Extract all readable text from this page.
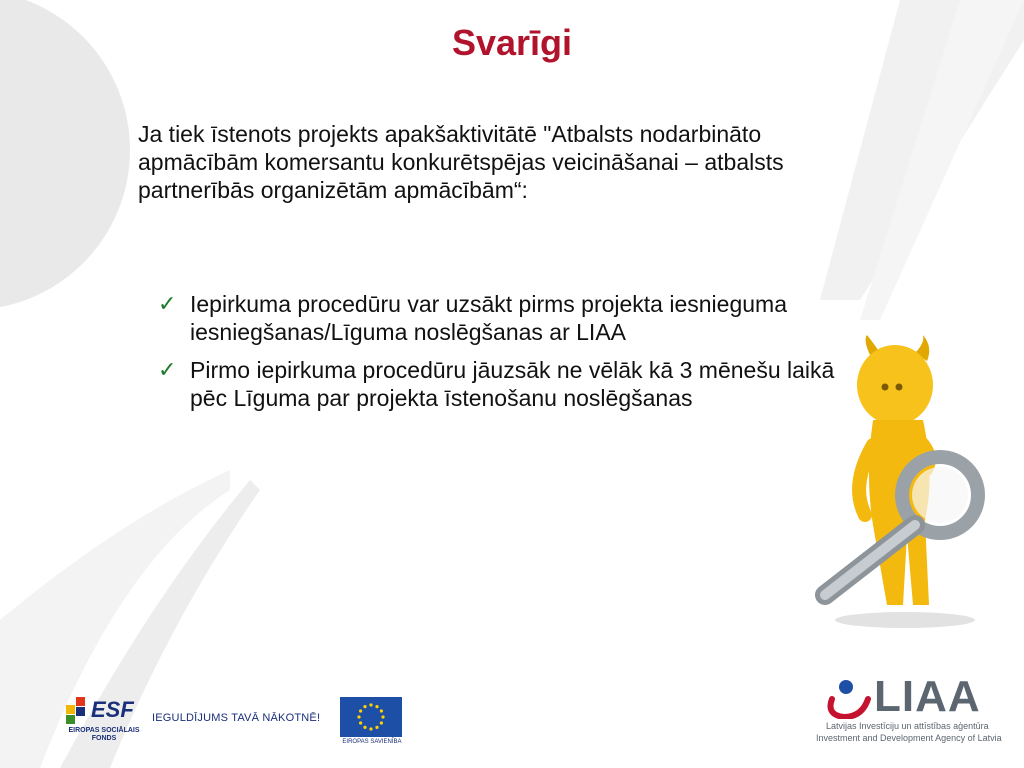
Svarīgi
Ja tiek īstenots projekts apakšaktivitātē "Atbalsts nodarbināto apmācībām komersantu konkurētspējas veicināšanai – atbalsts partnerībās organizētām apmācībām“:
✓ Iepirkuma procedūru var uzsākt pirms projekta iesnieguma iesniegšanas/Līguma noslēgšanas ar LIAA
✓ Pirmo iepirkuma procedūru jāuzsāk ne vēlāk kā 3 mēnešu laikā pēc Līguma par projekta īstenošanu noslēgšanas
ESF
EIROPAS SOCIĀLAIS FONDS
IEGULDĪJUMS TAVĀ NĀKOTNĒ!
EIROPAS SAVIENĪBA
LIAA
Latvijas Investīciju un attīstības aģentūra
Investment and Development Agency of Latvia
